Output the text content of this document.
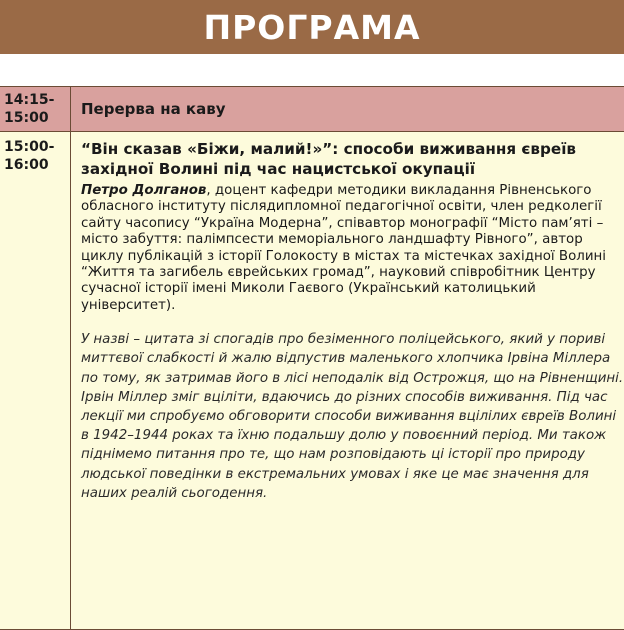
ПРОГРАМА
14:15-
15:00	Перерва на каву
15:00-
16:00
“Він сказав «Біжи, малий!»”: способи виживання євреїв західної Волині під час нацистської окупації

Петро Долганов, доцент кафедри методики викладання Рівненського обласного інституту післядипломної педагогічної освіти, член редколегії сайту часопису “Україна Модерна”, співавтор монографії “Місто пам’яті – місто забуття: палімпсести меморіального ландшафту Рівного”, автор циклу публікацій з історії Голокосту в містах та містечках західної Волині “Життя та загибель єврейських громад”, науковий співробітник Центру сучасної історії імені Миколи Гаєвого (Український католицький університет).

У назві – цитата зі спогадів про безіменного поліцейського, який у пориві миттєвої слабкості й жалю відпустив маленького хлопчика Ірвіна Міллера по тому, як затримав його в лісі неподалік від Острожця, що на Рівненщині. Ірвін Міллер зміг вціліти, вдаючись до різних способів виживання. Під час лекції ми спробуємо обговорити способи виживання вцілілих євреїв Волині в 1942–1944 роках та їхню подальшу долю у повоєнний період. Ми також піднімемо питання про те, що нам розповідають ці історії про природу людської поведінки в екстремальних умовах і яке це має значення для наших реалій сьогодення.
